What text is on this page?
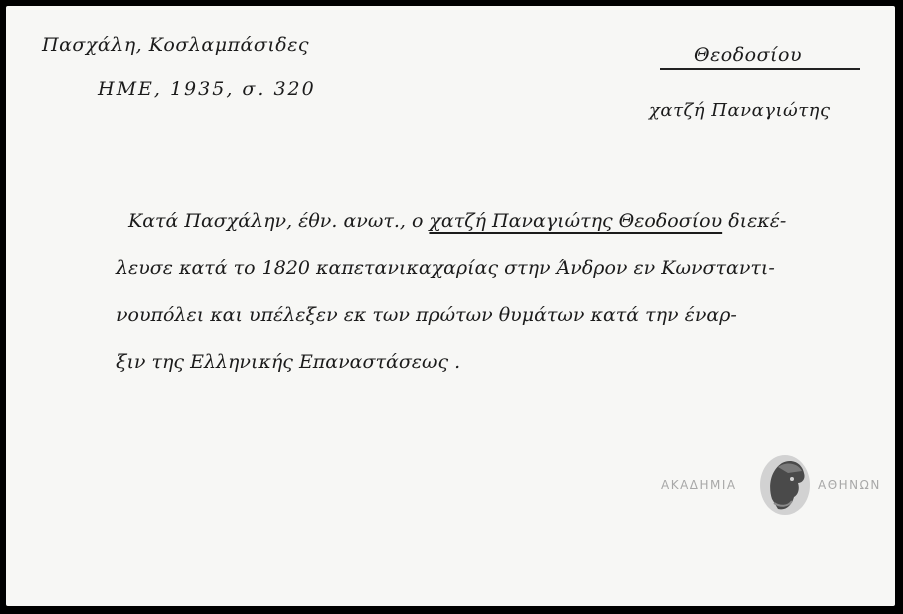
Πασχάλη, Κοσλαμπάσιδες
HME, 1935, σ. 320
Θεοδοσίου
χατζή Παναγιώτης
Κατά Πασχάλην, έθν. ανωτ., ο χατζή Παναγιώτης Θεοδοσίου διεκέ-
λευσε κατά το 1820 καπετανικαχαρίας στην Άνδρον εν Κωνσταντι-
νουπόλει και υπέλεξεν εκ των πρώτων θυμάτων κατά την έναρ-
ξιν της Ελληνικής Επαναστάσεως .
ΑΚΑΔΗΜΙΑ	ΑΘΗΝΩΝ
